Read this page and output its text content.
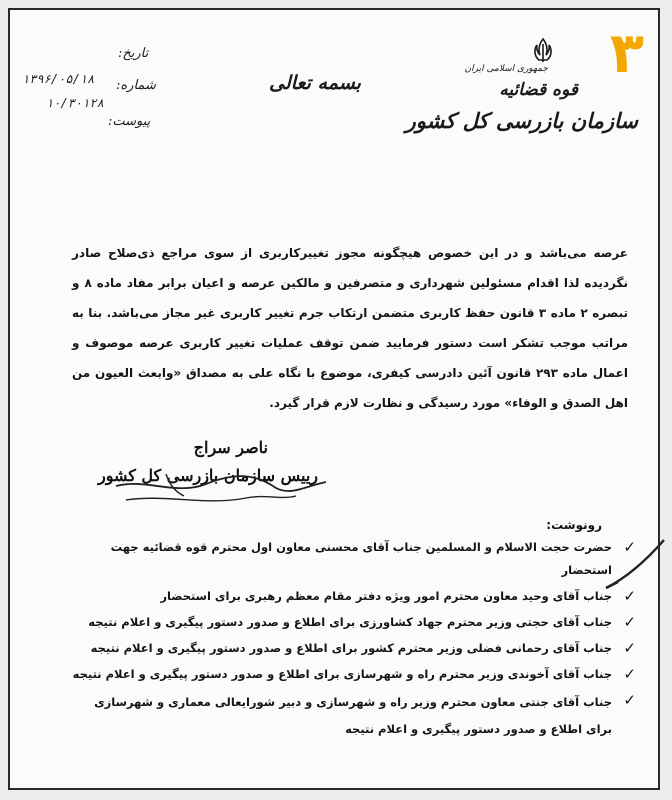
۳
جمهوری اسلامی ایران
قوه قضائیه
سازمان بازرسی کل کشور
بسمه تعالی
تاریخ:
۱۳۹۶/۰۵/۱۸ شماره:
۱۰/۳۰۱۲۸
پیوست:
عرصه می‌باشد و در این خصوص هیچگونه مجوز تغییرکاربری از سوی مراجع ذی‌صلاح صادر نگردیده لذا اقدام مسئولین شهرداری و متصرفین و مالکین عرصه و اعیان برابر مفاد ماده ۸ و تبصره ۲ ماده ۳ قانون حفظ کاربری متضمن ارتکاب جرم تغییر کاربری غیر مجاز می‌باشد. بنا به مراتب موجب تشکر است دستور فرمایید ضمن توقف عملیات تغییر کاربری عرصه موصوف و اعمال ماده ۲۹۳ قانون آئین دادرسی کیفری، موضوع با نگاه علی به مصداق «وابعث العیون من اهل الصدق و الوفاء» مورد رسیدگی و نظارت لازم قرار گیرد.
ناصر سراج
رییس سازمان بازرسی کل کشور
رونوشت:
✓
حضرت حجت الاسلام و المسلمین جناب آقای محسنی معاون اول محترم قوه قضائیه جهت استحضار
✓
جناب آقای وحید معاون محترم امور ویژه دفتر مقام معظم رهبری برای استحضار
✓
جناب آقای حجتی وزیر محترم جهاد کشاورزی برای اطلاع و صدور دستور پیگیری و اعلام نتیجه
✓
جناب آقای رحمانی فضلی وزیر محترم کشور برای اطلاع و صدور دستور پیگیری و اعلام نتیجه
✓
جناب آقای آخوندی وزیر محترم راه و شهرسازی برای اطلاع و صدور دستور پیگیری و اعلام نتیجه
✓
جناب آقای جنتی معاون محترم وزیر راه و شهرسازی و دبیر شورایعالی معماری و شهرسازی برای اطلاع و صدور دستور پیگیری و اعلام نتیجه
